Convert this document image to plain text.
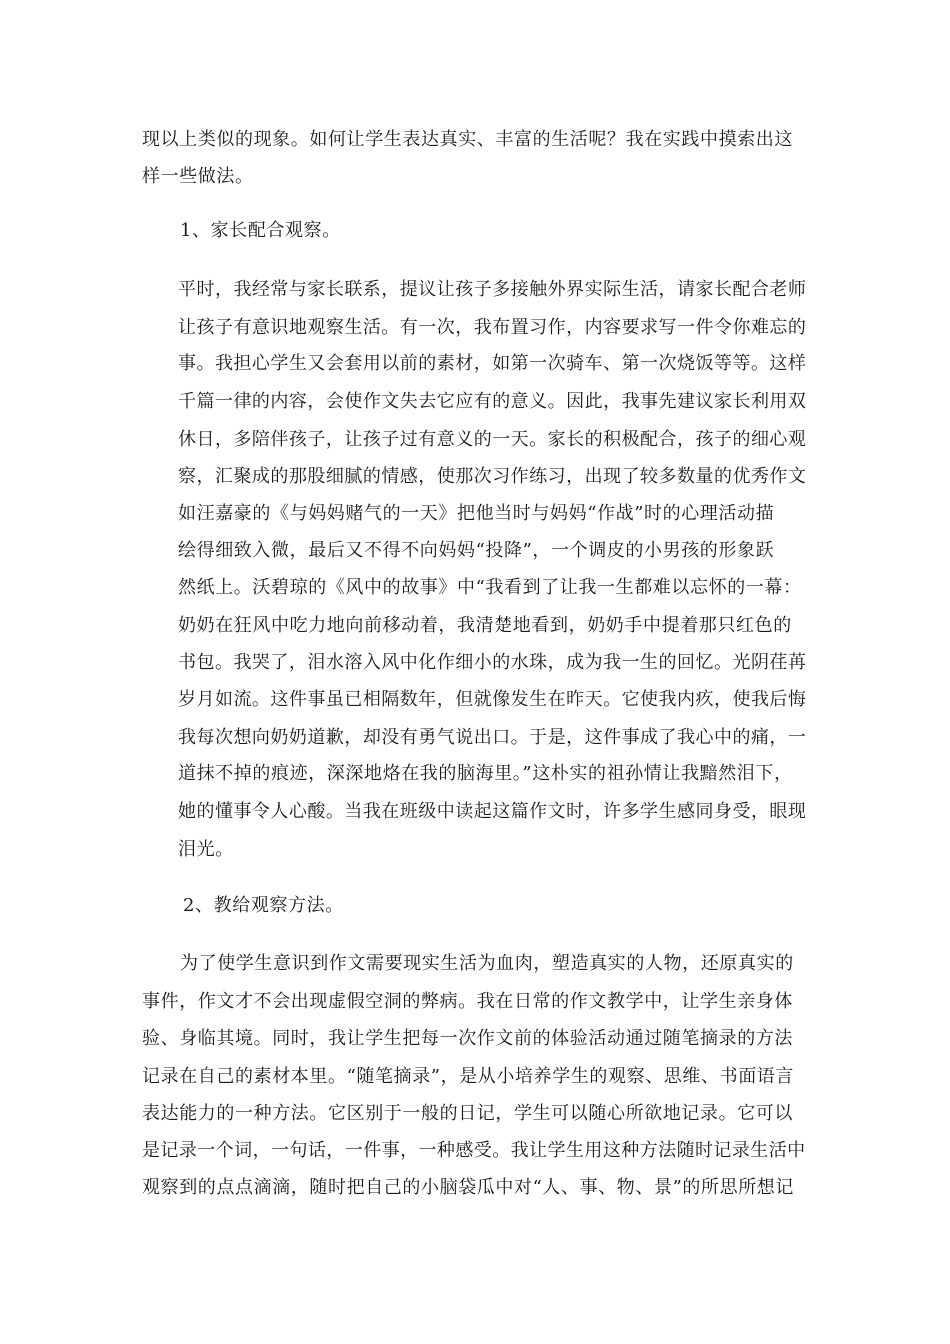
现以上类似的现象。如何让学生表达真实、丰富的生活呢？我在实践中摸索出这
样一些做法。
1、家长配合观察。
平时，我经常与家长联系，提议让孩子多接触外界实际生活，请家长配合老师
让孩子有意识地观察生活。有一次，我布置习作，内容要求写一件令你难忘的
事。我担心学生又会套用以前的素材，如第一次骑车、第一次烧饭等等。这样
千篇一律的内容，会使作文失去它应有的意义。因此，我事先建议家长利用双
休日，多陪伴孩子，让孩子过有意义的一天。家长的积极配合，孩子的细心观
察，汇聚成的那股细腻的情感，使那次习作练习，出现了较多数量的优秀作文
如汪嘉豪的《与妈妈赌气的一天》把他当时与妈妈“作战”时的心理活动描
绘得细致入微，最后又不得不向妈妈“投降”，一个调皮的小男孩的形象跃
然纸上。沃碧琼的《风中的故事》中“我看到了让我一生都难以忘怀的一幕：
奶奶在狂风中吃力地向前移动着，我清楚地看到，奶奶手中提着那只红色的
书包。我哭了，泪水溶入风中化作细小的水珠，成为我一生的回忆。光阴荏苒
岁月如流。这件事虽已相隔数年，但就像发生在昨天。它使我内疚，使我后悔
我每次想向奶奶道歉，却没有勇气说出口。于是，这件事成了我心中的痛，一
道抹不掉的痕迹，深深地烙在我的脑海里。”这朴实的祖孙情让我黯然泪下，
她的懂事令人心酸。当我在班级中读起这篇作文时，许多学生感同身受，眼现
泪光。
2、教给观察方法。
为了使学生意识到作文需要现实生活为血肉，塑造真实的人物，还原真实的
事件，作文才不会出现虚假空洞的弊病。我在日常的作文教学中，让学生亲身体
验、身临其境。同时，我让学生把每一次作文前的体验活动通过随笔摘录的方法
记录在自己的素材本里。“随笔摘录”，是从小培养学生的观察、思维、书面语言
表达能力的一种方法。它区别于一般的日记，学生可以随心所欲地记录。它可以
是记录一个词，一句话，一件事，一种感受。我让学生用这种方法随时记录生活中
观察到的点点滴滴，随时把自己的小脑袋瓜中对“人、事、物、景”的所思所想记
